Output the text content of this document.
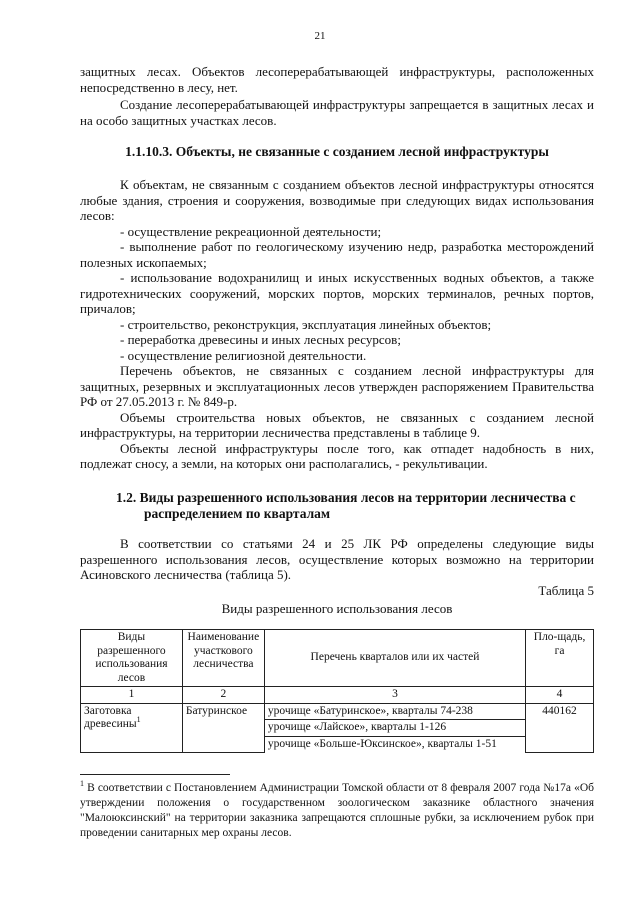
21

защитных лесах. Объектов лесоперерабатывающей инфраструктуры, расположенных непосредственно в лесу, нет.

Создание лесоперерабатывающей инфраструктуры запрещается в защитных лесах и на особо защитных участках лесов.

1.1.10.3. Объекты, не связанные с созданием лесной инфраструктуры

К объектам, не связанным с созданием объектов лесной инфраструктуры относятся любые здания, строения и сооружения, возводимые при следующих видах использования лесов:

- осуществление рекреационной деятельности;

- выполнение работ по геологическому изучению недр, разработка месторождений полезных ископаемых;

- использование водохранилищ и иных искусственных водных объектов, а также гидротехнических сооружений, морских портов, морских терминалов, речных портов, причалов;

- строительство, реконструкция, эксплуатация линейных объектов;

- переработка древесины и иных лесных ресурсов;

- осуществление религиозной деятельности.

Перечень объектов, не связанных с созданием лесной инфраструктуры для защитных, резервных и эксплуатационных лесов утвержден распоряжением Правительства РФ от 27.05.2013 г. № 849-р.

Объемы строительства новых объектов, не связанных с созданием лесной инфраструктуры, на территории лесничества представлены в таблице 9.

Объекты лесной инфраструктуры после того, как отпадет надобность в них, подлежат сносу, а земли, на которых они располагались, - рекультивации.

1.2. Виды разрешенного использования лесов на территории лесничества с

распределением по кварталам

В соответствии со статьями 24 и 25 ЛК РФ определены следующие виды разрешенного использования лесов, осуществление которых возможно на территории Асиновского лесничества (таблица 5).

Таблица 5
Виды разрешенного использования лесов
Виды разрешенного использования лесов	Наименование участкового лесничества	Перечень кварталов или их частей	Пло-щадь, га
1	2	3	4
Заготовка древесины$^1$	Батуринское	урочище «Батуринское», кварталы 74-238	440162
		урочище «Лайское», кварталы 1-126	
		урочище «Больше-Юксинское», кварталы 1-51	
$^1$ В соответствии с Постановлением Администрации Томской области от 8 февраля 2007 года №17а «Об утверждении положения о государственном зоологическом заказнике областного значения "Малоюксинский" на территории заказника запрещаются сплошные рубки, за исключением рубок при проведении санитарных мер охраны лесов.
